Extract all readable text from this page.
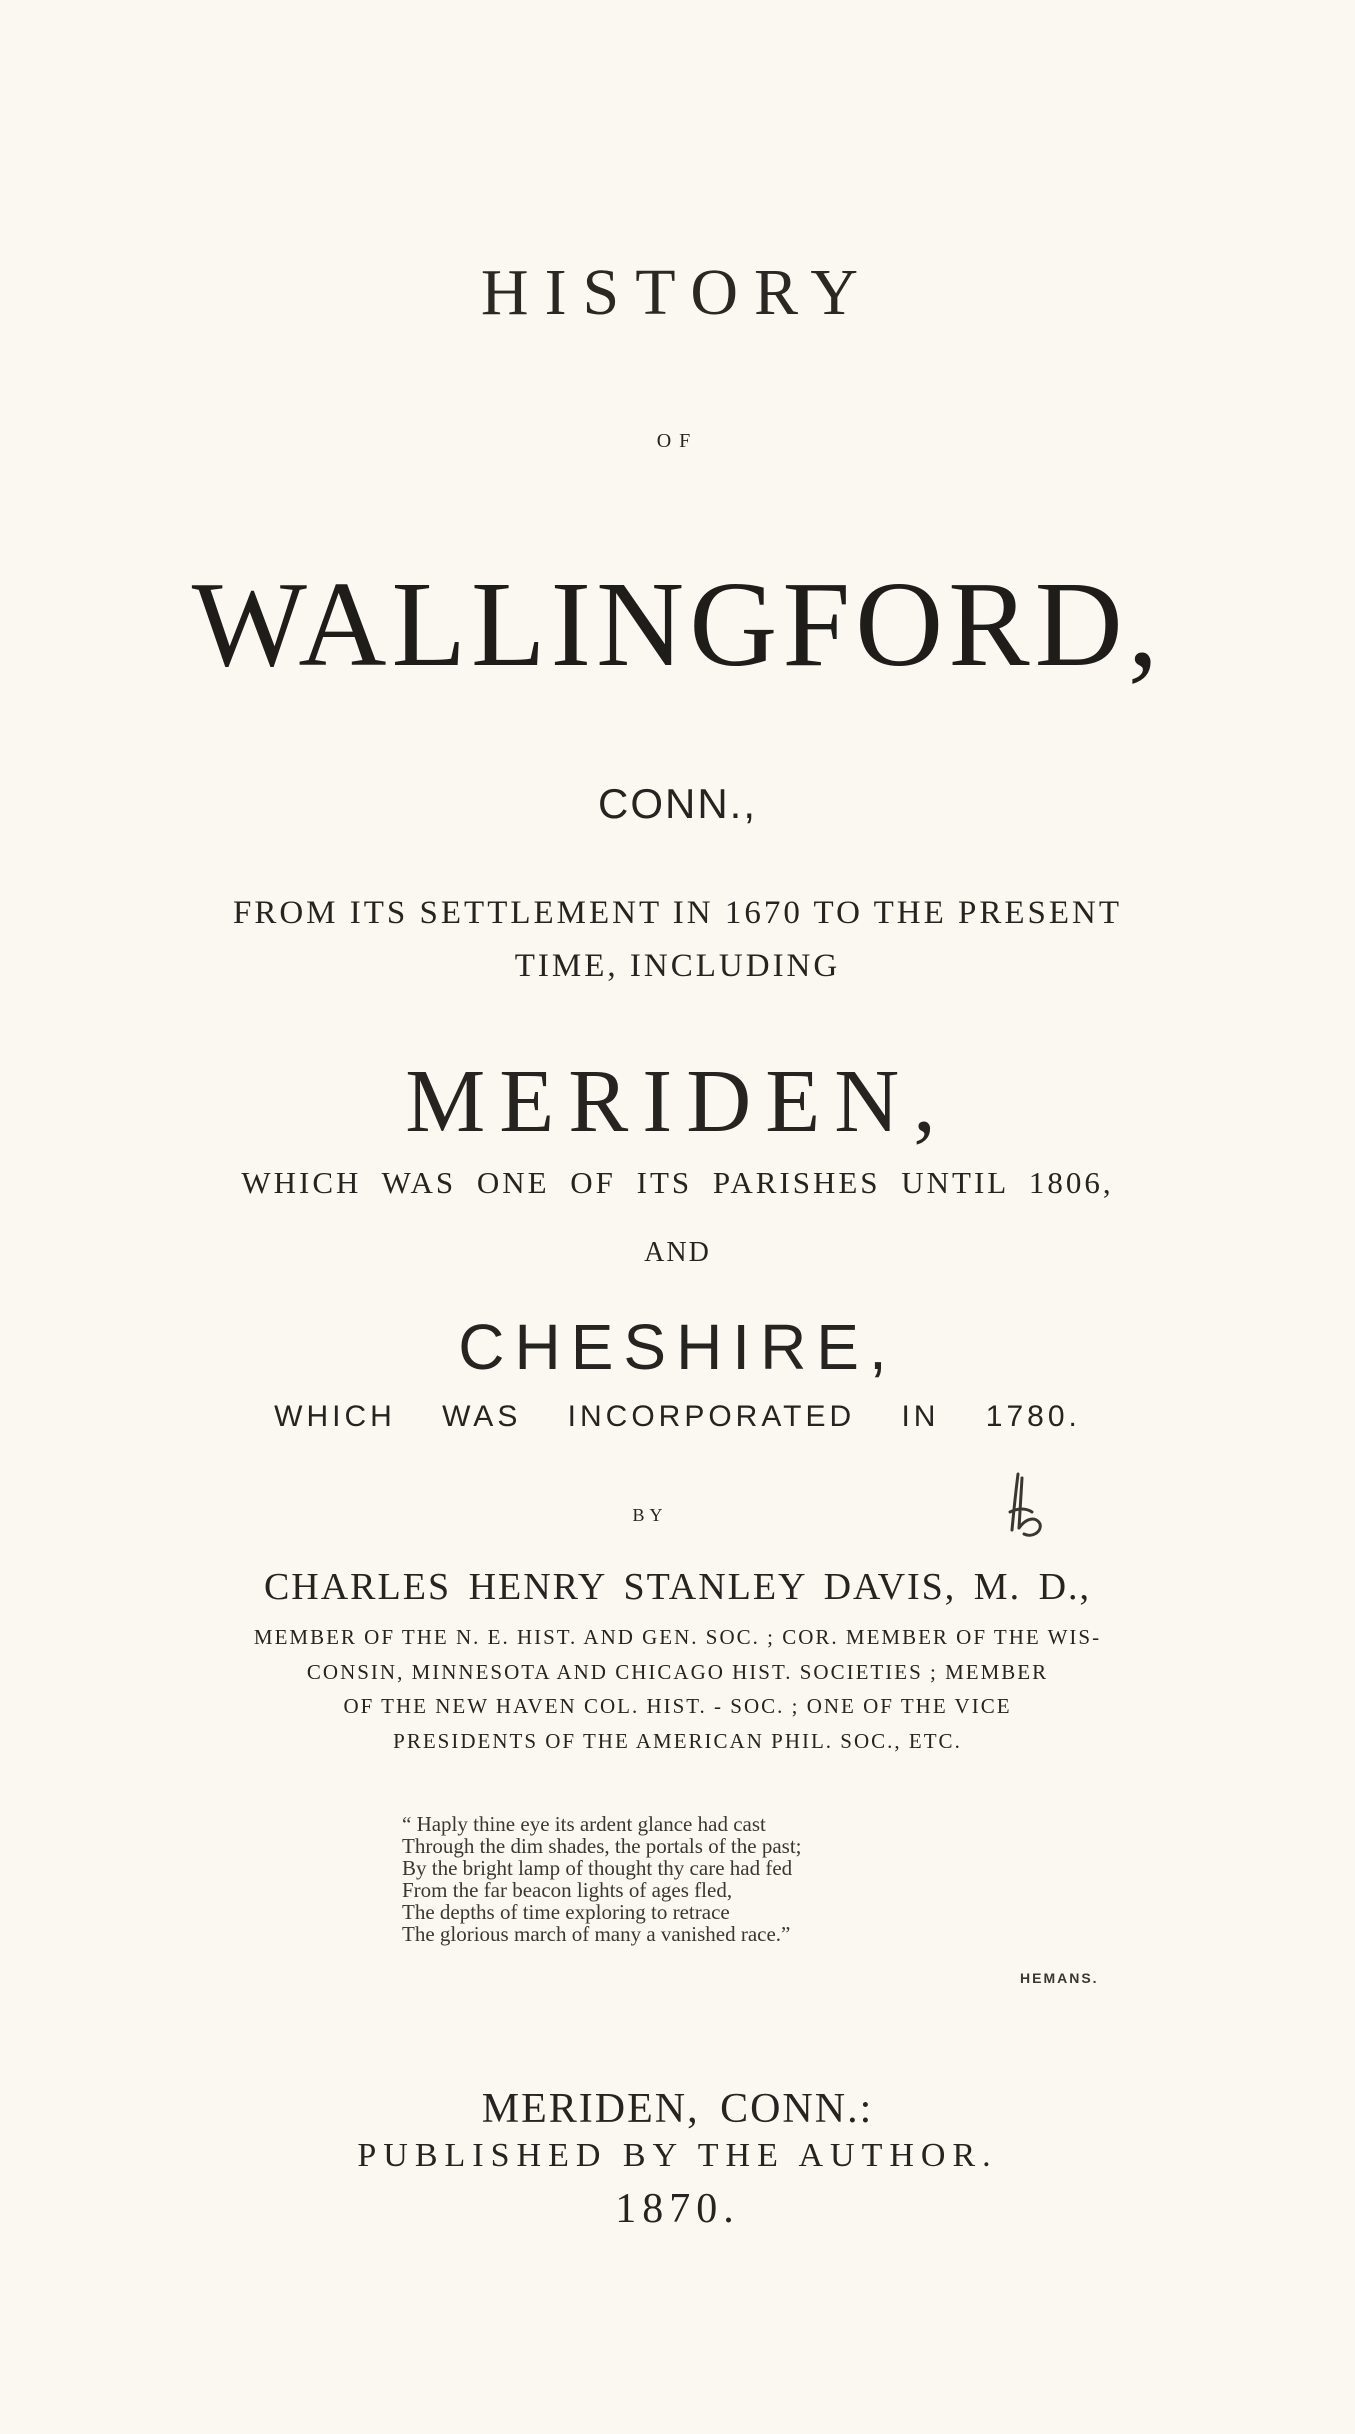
HISTORY
OF
WALLINGFORD,
CONN.,
FROM ITS SETTLEMENT IN 1670 TO THE PRESENT
TIME, INCLUDING
MERIDEN,
WHICH WAS ONE OF ITS PARISHES UNTIL 1806,
AND
CHESHIRE,
WHICH WAS INCORPORATED IN 1780.
BY
CHARLES HENRY STANLEY DAVIS, M. D.,
MEMBER OF THE N. E. HIST. AND GEN. SOC. ; COR. MEMBER OF THE WIS-
CONSIN, MINNESOTA AND CHICAGO HIST. SOCIETIES ; MEMBER
OF THE NEW HAVEN COL. HIST. - SOC. ; ONE OF THE VICE
PRESIDENTS OF THE AMERICAN PHIL. SOC., ETC.
“ Haply thine eye its ardent glance had cast
Through the dim shades, the portals of the past;
By the bright lamp of thought thy care had fed
From the far beacon lights of ages fled,
The depths of time exploring to retrace
The glorious march of many a vanished race.”
HEMANS.
MERIDEN, CONN.:
PUBLISHED BY THE AUTHOR.
1870.
